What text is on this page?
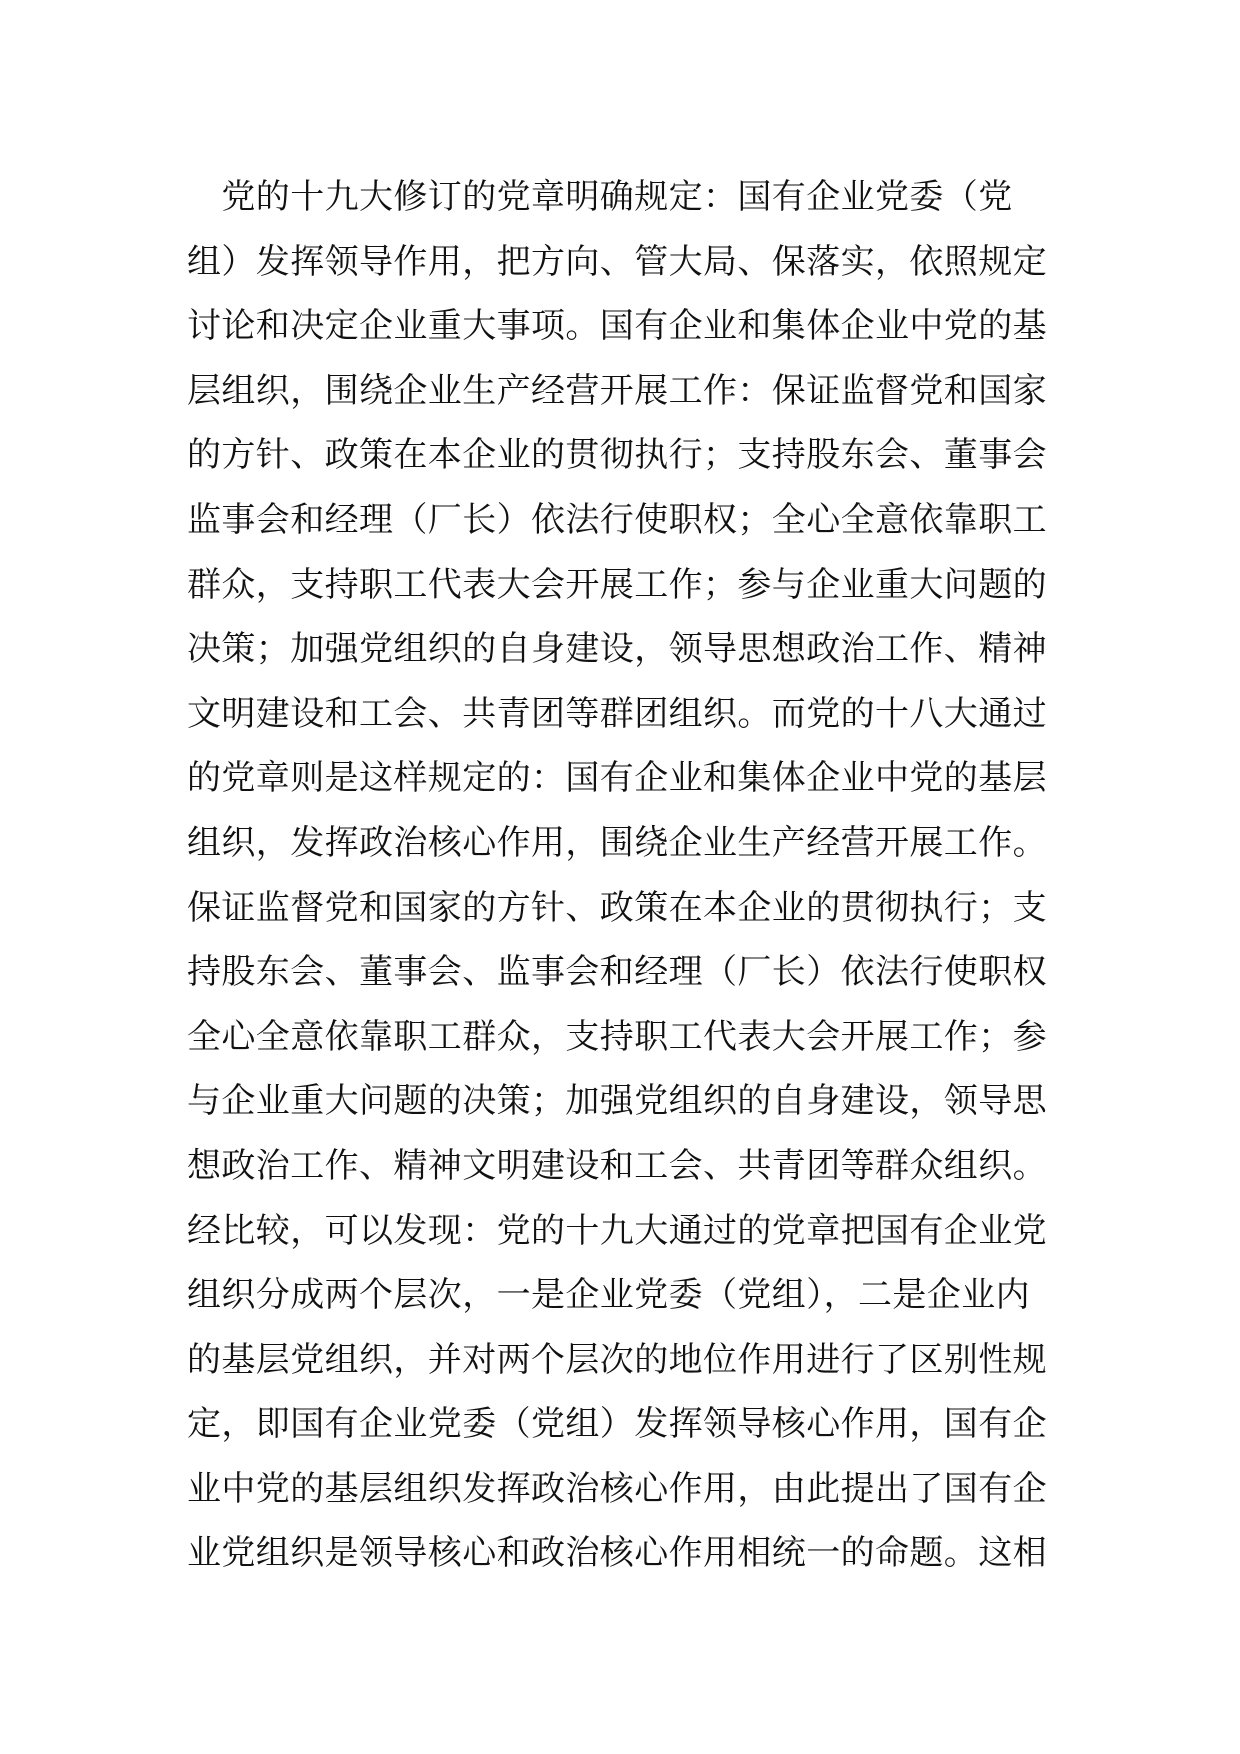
　党的十九大修订的党章明确规定：国有企业党委（党
组）发挥领导作用，把方向、管大局、保落实，依照规定
讨论和决定企业重大事项。国有企业和集体企业中党的基
层组织，围绕企业生产经营开展工作：保证监督党和国家
的方针、政策在本企业的贯彻执行；支持股东会、董事会
监事会和经理（厂长）依法行使职权；全心全意依靠职工
群众，支持职工代表大会开展工作；参与企业重大问题的
决策；加强党组织的自身建设，领导思想政治工作、精神
文明建设和工会、共青团等群团组织。而党的十八大通过
的党章则是这样规定的：国有企业和集体企业中党的基层
组织，发挥政治核心作用，围绕企业生产经营开展工作。
保证监督党和国家的方针、政策在本企业的贯彻执行；支
持股东会、董事会、监事会和经理（厂长）依法行使职权
全心全意依靠职工群众，支持职工代表大会开展工作；参
与企业重大问题的决策；加强党组织的自身建设，领导思
想政治工作、精神文明建设和工会、共青团等群众组织。
经比较，可以发现：党的十九大通过的党章把国有企业党
组织分成两个层次，一是企业党委（党组），二是企业内
的基层党组织，并对两个层次的地位作用进行了区别性规
定，即国有企业党委（党组）发挥领导核心作用，国有企
业中党的基层组织发挥政治核心作用，由此提出了国有企
业党组织是领导核心和政治核心作用相统一的命题。这相
